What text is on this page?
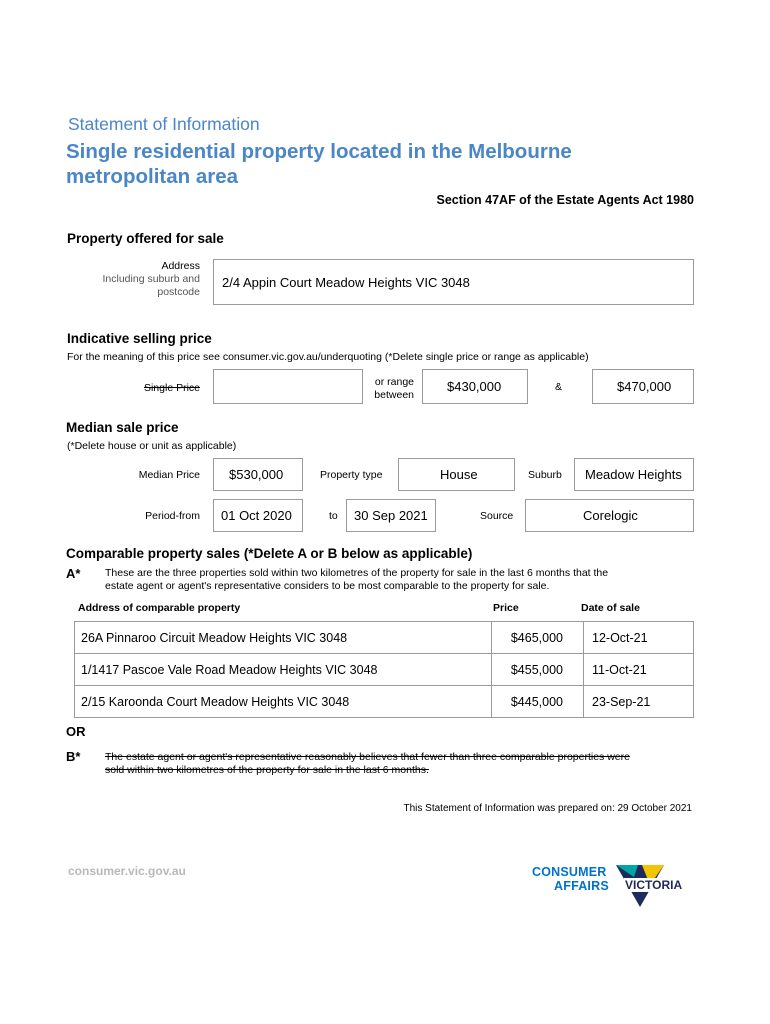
Statement of Information
Single residential property located in the Melbourne
metropolitan area
Section 47AF of the Estate Agents Act 1980
Property offered for sale
Address
Including suburb and
postcode
2/4 Appin Court Meadow Heights VIC 3048
Indicative selling price
For the meaning of this price see consumer.vic.gov.au/underquoting (*Delete single price or range as applicable)
Single Price	or range
between
$430,000	&	$470,000
Median sale price
(*Delete house or unit as applicable)
Median Price $530,000	Property type	House	Suburb Meadow Heights
Period-from 01 Oct 2020	to 30 Sep 2021	Source	Corelogic
Comparable property sales (*Delete A or B below as applicable)
A* These are the three properties sold within two kilometres of the property for sale in the last 6 months that the
estate agent or agent's representative considers to be most comparable to the property for sale.
Address of comparable property	Price	Date of sale
26A Pinnaroo Circuit Meadow Heights VIC 3048	$465,000	12-Oct-21
1/1417 Pascoe Vale Road Meadow Heights VIC 3048	$455,000	11-Oct-21
2/15 Karoonda Court Meadow Heights VIC 3048	$445,000	23-Sep-21
OR
B* The estate agent or agent's representative reasonably believes that fewer than three comparable properties were
sold within two kilometres of the property for sale in the last 6 months.
This Statement of Information was prepared on: 29 October 2021
consumer.vic.gov.au	CONSUMER
AFFAIRS VICTORIA
